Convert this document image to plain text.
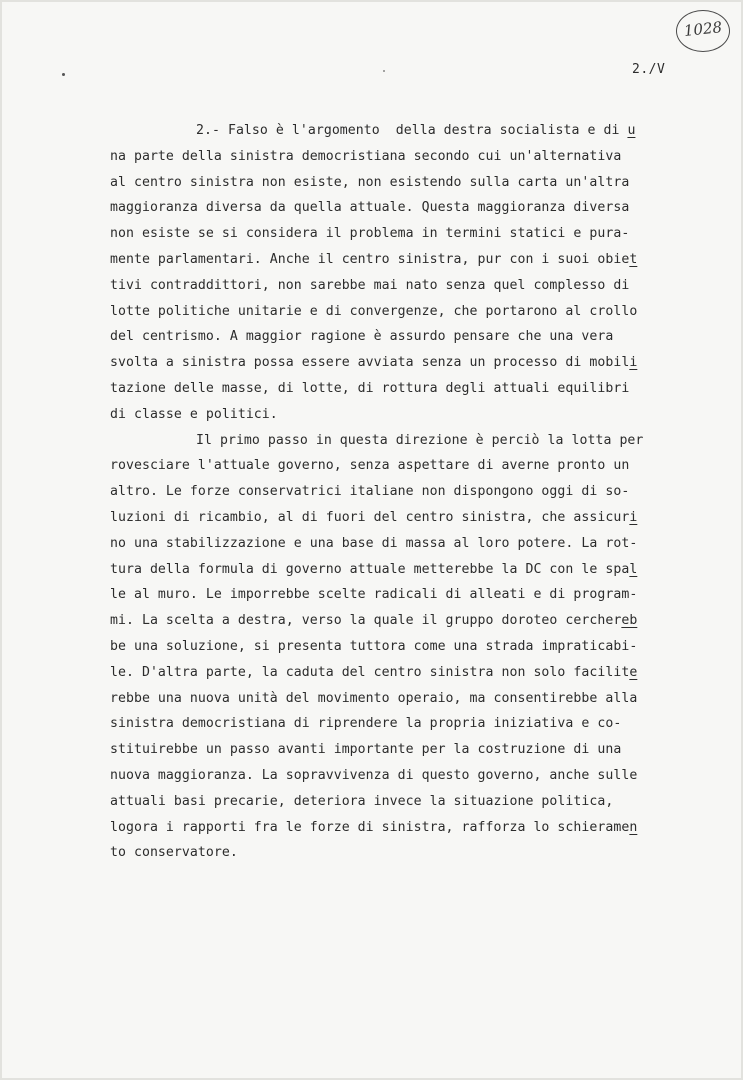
1028
2./V
2.- Falso è l'argomento  della destra socialista e di u
na parte della sinistra democristiana secondo cui un'alternativa
al centro sinistra non esiste, non esistendo sulla carta un'altra
maggioranza diversa da quella attuale. Questa maggioranza diversa
non esiste se si considera il problema in termini statici e pura-
mente parlamentari. Anche il centro sinistra, pur con i suoi obiet
tivi contraddittori, non sarebbe mai nato senza quel complesso di
lotte politiche unitarie e di convergenze, che portarono al crollo
del centrismo. A maggior ragione è assurdo pensare che una vera
svolta a sinistra possa essere avviata senza un processo di mobili
tazione delle masse, di lotte, di rottura degli attuali equilibri
di classe e politici.
Il primo passo in questa direzione è perciò la lotta per
rovesciare l'attuale governo, senza aspettare di averne pronto un
altro. Le forze conservatrici italiane non dispongono oggi di so-
luzioni di ricambio, al di fuori del centro sinistra, che assicuri
no una stabilizzazione e una base di massa al loro potere. La rot-
tura della formula di governo attuale metterebbe la DC con le spal
le al muro. Le imporrebbe scelte radicali di alleati e di program-
mi. La scelta a destra, verso la quale il gruppo doroteo cerchereb
be una soluzione, si presenta tuttora come una strada impraticabi-
le. D'altra parte, la caduta del centro sinistra non solo facilite
rebbe una nuova unità del movimento operaio, ma consentirebbe alla
sinistra democristiana di riprendere la propria iniziativa e co-
stituirebbe un passo avanti importante per la costruzione di una
nuova maggioranza. La sopravvivenza di questo governo, anche sulle
attuali basi precarie, deteriora invece la situazione politica,
logora i rapporti fra le forze di sinistra, rafforza lo schieramen
to conservatore.
